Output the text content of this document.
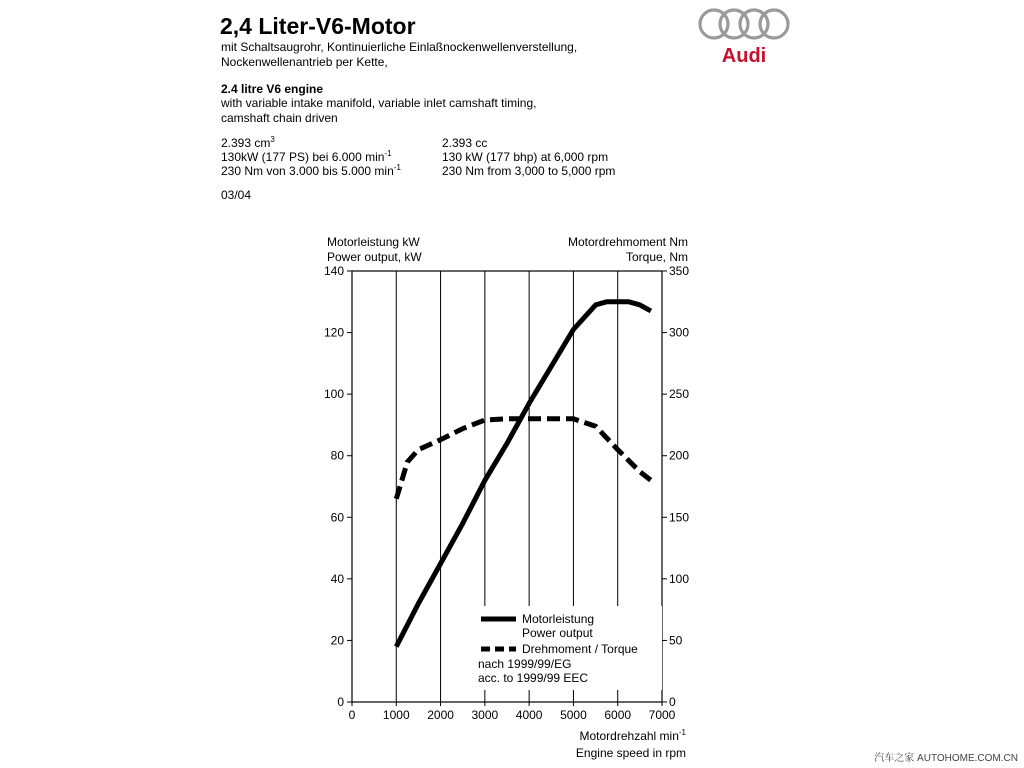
2,4 Liter-V6-Motor
mit Schaltsaugrohr, Kontinuierliche Einlaßnockenwellenverstellung,
Nockenwellenantrieb per Kette,
2.4 litre V6 engine
with variable intake manifold, variable inlet camshaft timing,
camshaft chain driven
2.393 $cm^3$
130kW (177 PS) bei 6.000 $\min^{-1}$
230 Nm von 3.000 bis 5.000 $\min^{-1}$
2.393 cc
130 kW (177 bhp) at 6,000 rpm
230 Nm from 3,000 to 5,000 rpm
03/04
Audi
0
20
40
60
80
100
120
140
0
50
100
150
200
250
300
350
0 1000 2000 3000 4000 5000 6000 7000
Motorleistung kW
Power output, kW
Motordrehmoment Nm
Torque, Nm
Motordrehzahl $\min^{-1}$
Engine speed in rpm
Motorleistung
Power output
Drehmoment / Torque
nach 1999/99/EG
acc. to 1999/99 EEC
汽车之家 AUTOHOME.COM.CN
